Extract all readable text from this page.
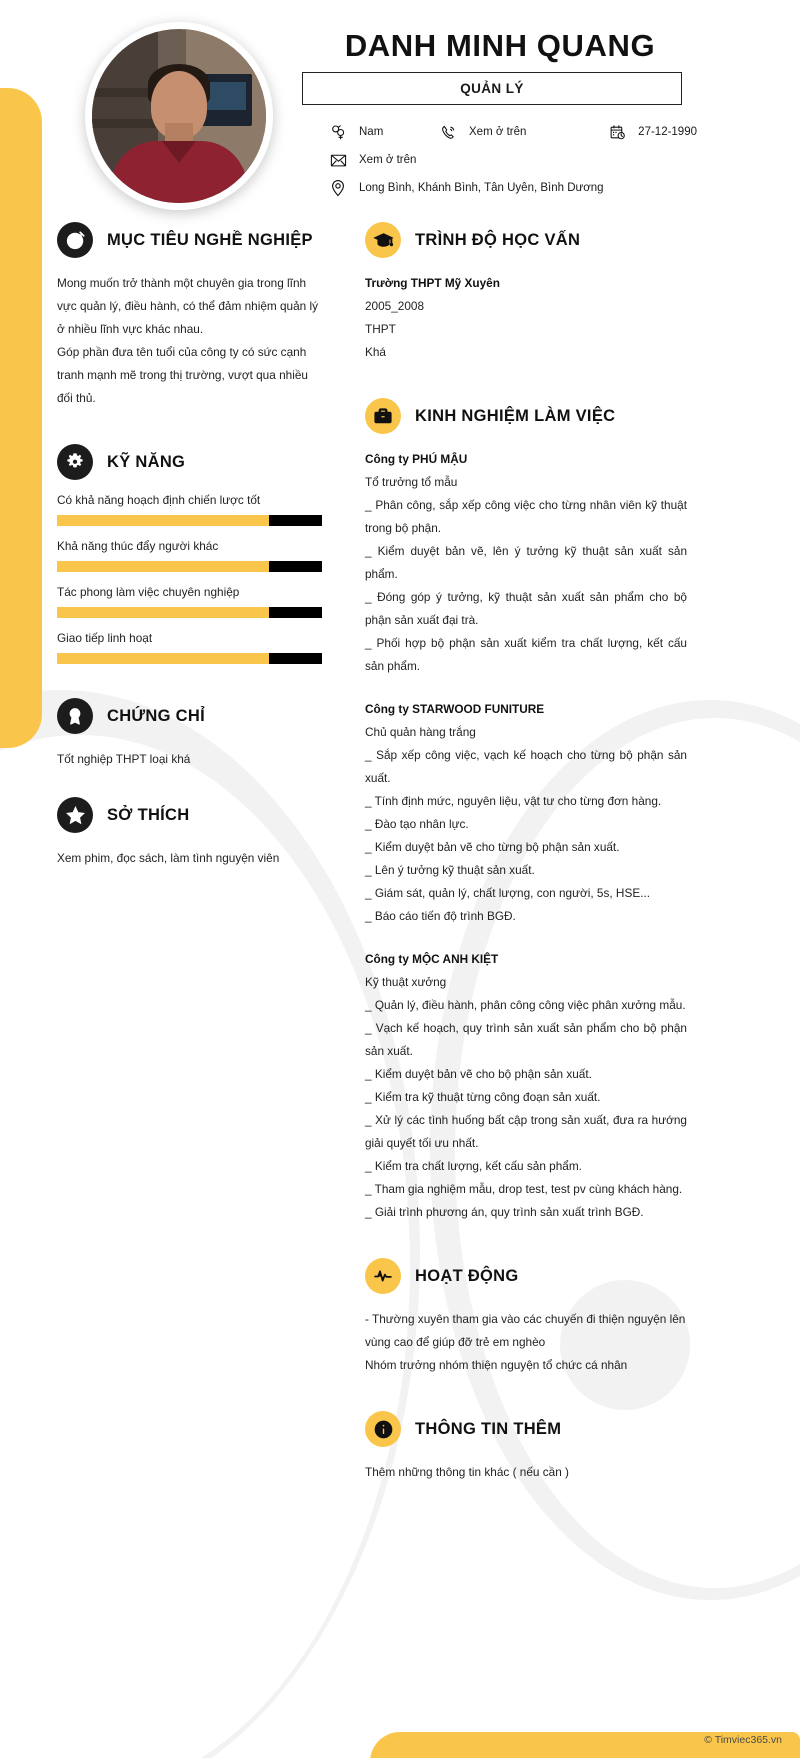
DANH MINH QUANG
QUẢN LÝ
Nam	Xem ở trên	27-12-1990
Xem ở trên
Long Bình, Khánh Bình, Tân Uyên, Bình Dương
MỤC TIÊU NGHỀ NGHIỆP
Mong muốn trở thành một chuyên gia trong lĩnh vực quản lý, điều hành, có thể đảm nhiệm quản lý ở nhiều lĩnh vực khác nhau.
Góp phần đưa tên tuổi của công ty có sức cạnh tranh mạnh mẽ trong thị trường, vượt qua nhiều đối thủ.
KỸ NĂNG
Có khả năng hoạch định chiến lược tốt
Khả năng thúc đẩy người khác
Tác phong làm việc chuyên nghiệp
Giao tiếp linh hoạt
CHỨNG CHỈ
Tốt nghiệp THPT loại khá
SỞ THÍCH
Xem phim, đọc sách, làm tình nguyện viên
TRÌNH ĐỘ HỌC VẤN
Trường THPT Mỹ Xuyên
2005_2008
THPT
Khá
KINH NGHIỆM LÀM VIỆC
Công ty PHÚ MẬU
Tổ trưởng tổ mẫu
_ Phân công, sắp xếp công việc cho từng nhân viên kỹ thuật trong bộ phận.
_ Kiểm duyệt bản vẽ, lên ý tưởng kỹ thuật sản xuất sản phẩm.
_ Đóng góp ý tưởng, kỹ thuật sản xuất sản phẩm cho bộ phận sản xuất đại trà.
_ Phối hợp bộ phận sản xuất kiểm tra chất lượng, kết cấu sản phẩm.
Công ty STARWOOD FUNITURE
Chủ quản hàng trắng
_ Sắp xếp công việc, vạch kế hoạch cho từng bộ phận sản xuất.
_ Tính định mức, nguyên liệu, vật tư cho từng đơn hàng.
_ Đào tạo nhân lực.
_ Kiểm duyệt bản vẽ cho từng bộ phận sản xuất.
_ Lên ý tưởng kỹ thuật sản xuất.
_ Giám sát, quản lý, chất lượng, con người, 5s, HSE...
_ Báo cáo tiến độ trình BGĐ.
Công ty MỘC ANH KIỆT
Kỹ thuật xưởng
_ Quản lý, điều hành, phân công công việc phân xưởng mẫu.
_ Vạch kế hoạch, quy trình sản xuất sản phẩm cho bộ phận sản xuất.
_ Kiểm duyệt bản vẽ cho bộ phận sản xuất.
_ Kiểm tra kỹ thuật từng công đoạn sản xuất.
_ Xử lý các tình huống bất cập trong sản xuất, đưa ra hướng giải quyết tối ưu nhất.
_ Kiểm tra chất lượng, kết cấu sản phẩm.
_ Tham gia nghiệm mẫu, drop test, test pv cùng khách hàng.
_ Giải trình phương án, quy trình sản xuất trình BGĐ.
HOẠT ĐỘNG
- Thường xuyên tham gia vào các chuyến đi thiện nguyện lên vùng cao để giúp đỡ trẻ em nghèo
Nhóm trưởng nhóm thiện nguyện tổ chức cá nhân
THÔNG TIN THÊM
Thêm những thông tin khác ( nếu cần )
© Timviec365.vn
